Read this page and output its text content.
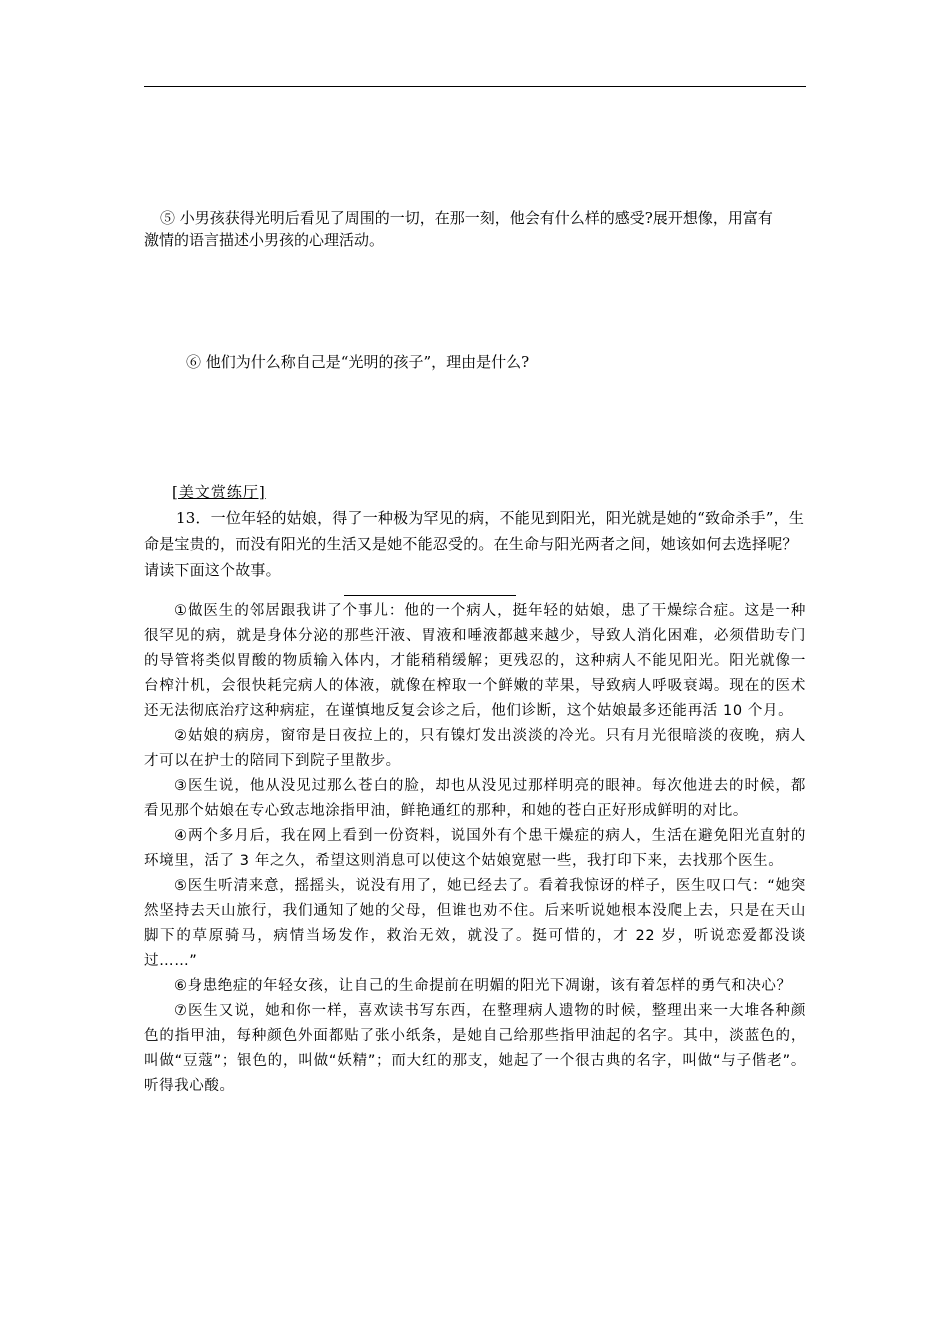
⑤ 小男孩获得光明后看见了周围的一切，在那一刻，他会有什么样的感受?展开想像，用富有激情的语言描述小男孩的心理活动。
⑥ 他们为什么称自己是“光明的孩子”，理由是什么?
[美文赏练厅]
13．一位年轻的姑娘，得了一种极为罕见的病，不能见到阳光，阳光就是她的“致命杀手”，生命是宝贵的，而没有阳光的生活又是她不能忍受的。在生命与阳光两者之间，她该如何去选择呢？请读下面这个故事。

①做医生的邻居跟我讲了个事儿：他的一个病人，挺年轻的姑娘，患了干燥综合症。这是一种很罕见的病，就是身体分泌的那些汗液、胃液和唾液都越来越少，导致人消化困难，必须借助专门的导管将类似胃酸的物质输入体内，才能稍稍缓解；更残忍的，这种病人不能见阳光。阳光就像一台榨汁机，会很快耗完病人的体液，就像在榨取一个鲜嫩的苹果，导致病人呼吸衰竭。现在的医术还无法彻底治疗这种病症，在谨慎地反复会诊之后，他们诊断，这个姑娘最多还能再活 10 个月。

②姑娘的病房，窗帘是日夜拉上的，只有镍灯发出淡淡的冷光。只有月光很暗淡的夜晚，病人才可以在护士的陪同下到院子里散步。

③医生说，他从没见过那么苍白的脸，却也从没见过那样明亮的眼神。每次他进去的时候，都看见那个姑娘在专心致志地涂指甲油，鲜艳通红的那种，和她的苍白正好形成鲜明的对比。

④两个多月后，我在网上看到一份资料，说国外有个患干燥症的病人，生活在避免阳光直射的环境里，活了 3 年之久，希望这则消息可以使这个姑娘宽慰一些，我打印下来，去找那个医生。

⑤医生听清来意，摇摇头，说没有用了，她已经去了。看着我惊讶的样子，医生叹口气：“她突然坚持去天山旅行，我们通知了她的父母，但谁也劝不住。后来听说她根本没爬上去，只是在天山脚下的草原骑马，病情当场发作，救治无效，就没了。挺可惜的，才 22 岁，听说恋爱都没谈过……”

⑥身患绝症的年轻女孩，让自己的生命提前在明媚的阳光下凋谢，该有着怎样的勇气和决心？

⑦医生又说，她和你一样，喜欢读书写东西，在整理病人遗物的时候，整理出来一大堆各种颜色的指甲油，每种颜色外面都贴了张小纸条，是她自己给那些指甲油起的名字。其中，淡蓝色的，叫做“豆蔻”；银色的，叫做“妖精”；而大红的那支，她起了一个很古典的名字，叫做“与子偕老”。听得我心酸。
